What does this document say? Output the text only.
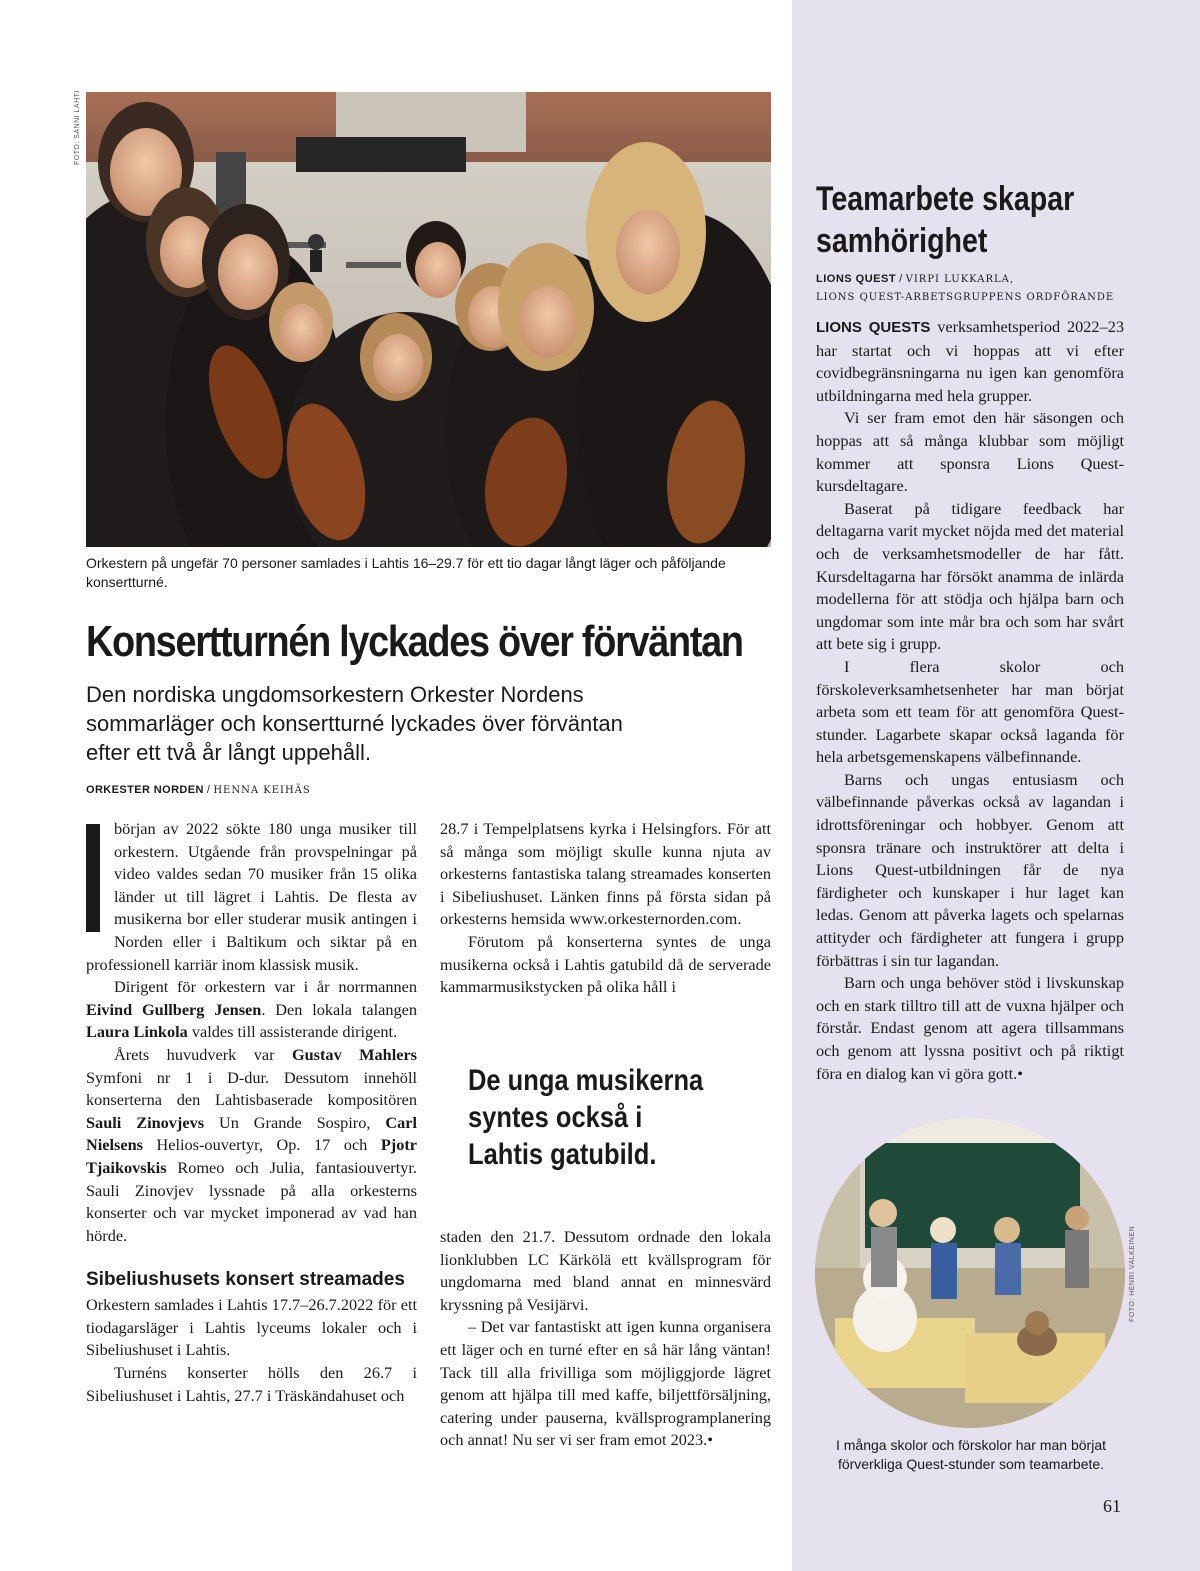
FOTO: SANNI LAHTI
Orkestern på ungefär 70 personer samlades i Lahtis 16–29.7 för ett tio dagar långt läger och påföljande konsertturné.
Konsertturnén lyckades över förväntan
Den nordiska ungdomsorkestern Orkester Nordens sommarläger och konsertturné lyckades över förväntan efter ett två år långt uppehåll.
ORKESTER NORDEN / HENNA KEIHÄS

början av 2022 sökte 180 unga musiker till orkestern. Utgående från provspelningar på video valdes sedan 70 musiker från 15 olika länder ut till lägret i Lahtis. De flesta av musikerna bor eller studerar musik antingen i Norden eller i Baltikum och siktar på en professionell karriär inom klassisk musik.

Dirigent för orkestern var i år norrmannen Eivind Gullberg Jensen. Den lokala talangen Laura Linkola valdes till assisterande dirigent.

Årets huvudverk var Gustav Mahlers Symfoni nr 1 i D-dur. Dessutom innehöll konserterna den Lahtisbaserade kompositören Sauli Zinovjevs Un Grande Sospiro, Carl Nielsens Helios-ouvertyr, Op. 17 och Pjotr Tjaikovskis Romeo och Julia, fantasiouvertyr. Sauli Zinovjev lyssnade på alla orkesterns konserter och var mycket imponerad av vad han hörde.

Sibeliushusets konsert streamades

Orkestern samlades i Lahtis 17.7–26.7.2022 för ett tiodagarsläger i Lahtis lyceums lokaler och i Sibeliushuset i Lahtis.

Turnéns konserter hölls den 26.7 i Sibeliushuset i Lahtis, 27.7 i Träskändahuset och

28.7 i Tempelplatsens kyrka i Helsingfors. För att så många som möjligt skulle kunna njuta av orkesterns fantastiska talang streamades konserten i Sibeliushuset. Länken finns på första sidan på orkesterns hemsida www.orkesternorden.com.

Förutom på konserterna syntes de unga musikerna också i Lahtis gatubild då de serverade kammarmusikstycken på olika håll i

De unga musikerna syntes också i Lahtis gatubild.

staden den 21.7. Dessutom ordnade den lokala lionklubben LC Kärkölä ett kvällsprogram för ungdomarna med bland annat en minnesvärd kryssning på Vesijärvi.

– Det var fantastiskt att igen kunna organisera ett läger och en turné efter en så här lång väntan! Tack till alla frivilliga som möjliggjorde lägret genom att hjälpa till med kaffe, biljettförsäljning, catering under pauserna, kvällsprogramplanering och annat! Nu ser vi ser fram emot 2023.•

Teamarbete skapar samhörighet
LIONS QUEST / VIRPI LUKKARLA,
LIONS QUEST-ARBETSGRUPPENS ORDFÖRANDE

LIONS QUESTS verksamhetsperiod 2022–23 har startat och vi hoppas att vi efter covidbegränsningarna nu igen kan genomföra utbildningarna med hela grupper.

Vi ser fram emot den här säsongen och hoppas att så många klubbar som möjligt kommer att sponsra Lions Quest-kursdeltagare.

Baserat på tidigare feedback har deltagarna varit mycket nöjda med det material och de verksamhetsmodeller de har fått. Kursdeltagarna har försökt anamma de inlärda modellerna för att stödja och hjälpa barn och ungdomar som inte mår bra och som har svårt att bete sig i grupp.

I flera skolor och förskoleverksamhetsenheter har man börjat arbeta som ett team för att genomföra Quest-stunder. Lagarbete skapar också laganda för hela arbetsgemenskapens välbefinnande.

Barns och ungas entusiasm och välbefinnande påverkas också av lagandan i idrottsföreningar och hobbyer. Genom att sponsra tränare och instruktörer att delta i Lions Quest-utbildningen får de nya färdigheter och kunskaper i hur laget kan ledas. Genom att påverka lagets och spelarnas attityder och färdigheter att fungera i grupp förbättras i sin tur lagandan.

Barn och unga behöver stöd i livskunskap och en stark tilltro till att de vuxna hjälper och förstår. Endast genom att agera tillsammans och genom att lyssna positivt och på riktigt föra en dialog kan vi göra gott.•

FOTO: HENRI VALKEINEN
I många skolor och förskolor har man börjat förverkliga Quest-stunder som teamarbete.
61
